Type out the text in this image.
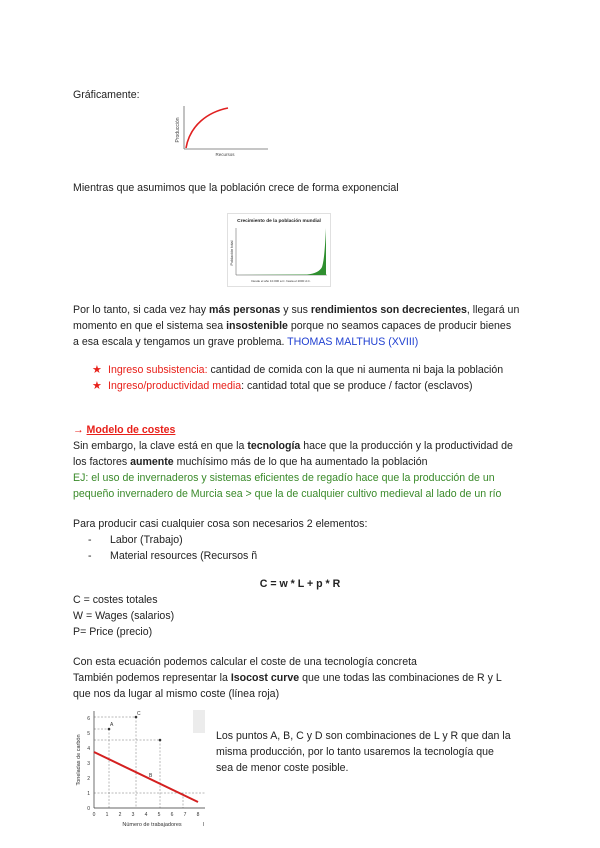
Gráficamente:
Producción
Recursos
Mientras que asumimos que la población crece de forma exponencial
Crecimiento de la población mundial
Población total
Desde el año 10.000 a.C. hasta el 2000 d.C.
Por lo tanto, si cada vez hay más personas y sus rendimientos son decrecientes, llegará un
momento en que el sistema sea insostenible porque no seamos capaces de producir bienes
a esa escala y tengamos un grave problema. THOMAS MALTHUS (XVIII)
★ Ingreso subsistencia: cantidad de comida con la que ni aumenta ni baja la población
★ Ingreso/productividad media: cantidad total que se produce / factor (esclavos)
→ Modelo de costes
Sin embargo, la clave está en que la tecnología hace que la producción y la productividad de
los factores aumente muchísimo más de lo que ha aumentado la población
EJ: el uso de invernaderos y sistemas eficientes de regadío hace que la producción de un
pequeño invernadero de Murcia sea > que la de cualquier cultivo medieval al lado de un río
Para producir casi cualquier cosa son necesarios 2 elementos:
- Labor (Trabajo)
- Material resources (Recursos ñ
C = w * L + p * R
C = costes totales
W = Wages (salarios)
P= Price (precio)
Con esta ecuación podemos calcular el coste de una tecnología concreta
También podemos representar la Isocost curve que une todas las combinaciones de R y L
que nos da lugar al mismo coste (línea roja)
0 1 2 3 4 5 6 7 8
0
1
2
3
4
5
6
A
C
B
Toneladas de carbón
Número de trabajadores	I
Los puntos A, B, C y D son combinaciones de L y R que dan la
misma producción, por lo tanto usaremos la tecnología que
sea de menor coste posible.
